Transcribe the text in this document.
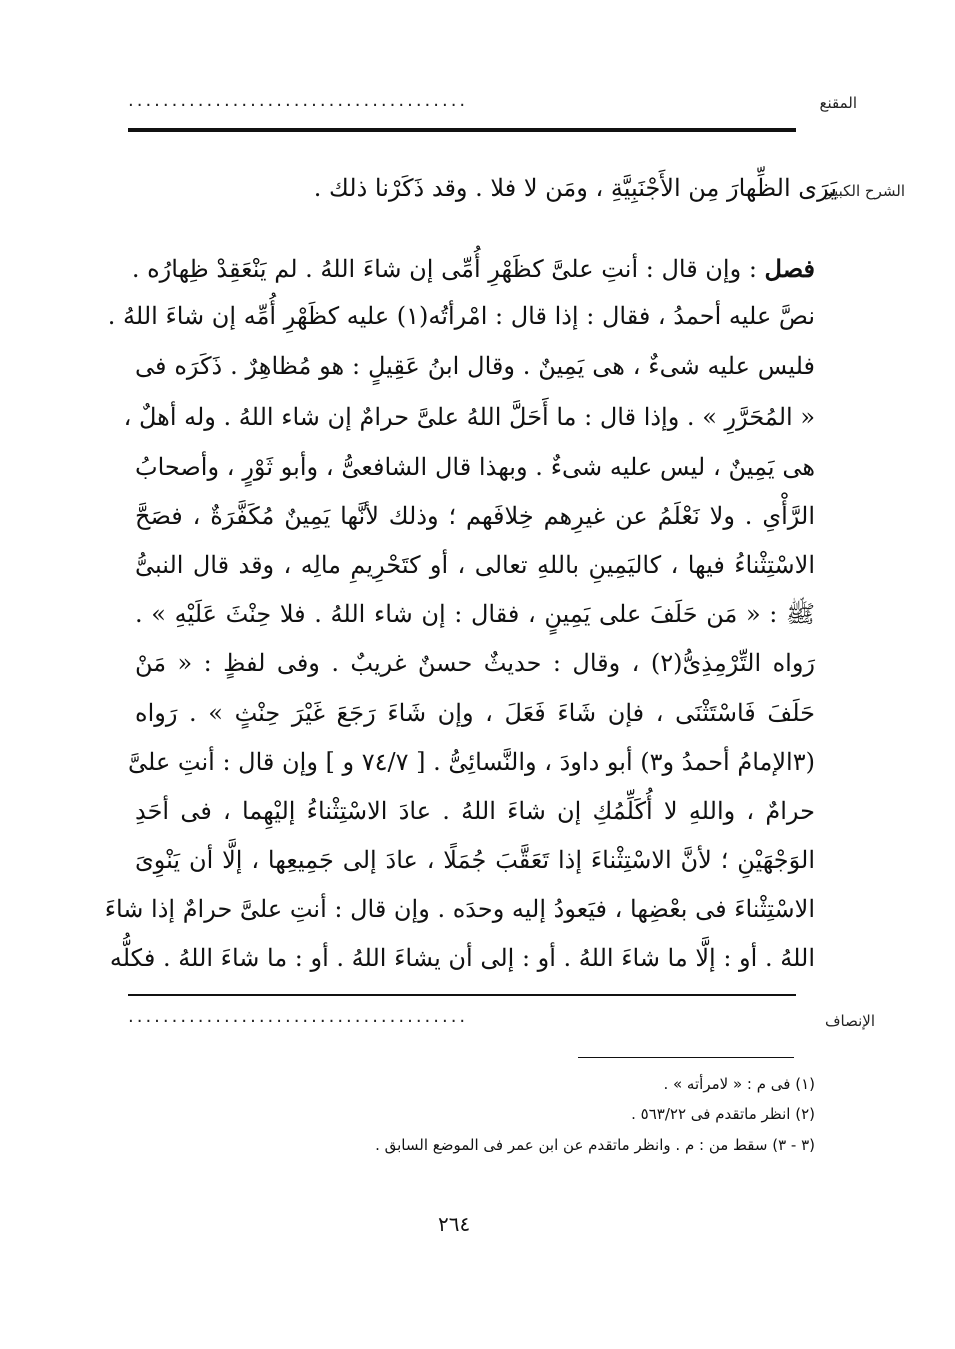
المقنع
.......................................
الشرح الكبير
يَرَى الظِّهارَ مِن الأَجْنَبِيَّةِ ، ومَن لا فلا . وقد ذَكَرْنا ذلك .
فصل : وإن قال : أنتِ علىَّ كظَهْرِ أُمِّى إن شاءَ اللهُ . لم يَنْعَقِدْ ظِهارُه .
نصَّ عليه أحمدُ ، فقال : إذا قال : امْرأتُه(١) عليه كظَهْرِ أُمِّه إن شاءَ اللهُ .
فليس عليه شىءٌ ، هى يَمِينٌ . وقال ابنُ عَقِيلٍ : هو مُظاهِرٌ . ذَكَرَه فى
« المُحَرَّرِ » . وإذا قال : ما أَحَلَّ اللهُ علىَّ حرامٌ إن شاء اللهُ . وله أهلٌ ،
هى يَمِينٌ ، ليس عليه شىءٌ . وبهذا قال الشافعىُّ ، وأبو ثَوْرٍ ، وأصحابُ
الرَّأْىِ . ولا نَعْلَمُ عن غيرِهم خِلافَهم ؛ وذلك لأنَّها يَمِينٌ مُكَفَّرَةٌ ، فصَحَّ
الاسْتِثْناءُ فيها ، كاليَمِينِ باللهِ تعالى ، أو كتَحْرِيمِ مالِه ، وقد قال النبىُّ
ﷺ : « مَن حَلَفَ على يَمِينٍ ، فقال : إن شاء اللهُ . فلا حِنْثَ عَلَيْهِ » .
رَواه التِّرْمِذِىُّ(٢) ، وقال : حديثٌ حسنٌ غريبٌ . وفى لفظٍ : « مَنْ
حَلَفَ فَاسْتَثْنَى ، فإن شَاءَ فَعَلَ ، وإن شَاءَ رَجَعَ غَيْرَ حِنْثٍ » . رَواه
(٣الإمامُ أحمدُ و٣) أبو داودَ ، والنَّسائِىُّ . [ ٧٤/٧ و ] وإن قال : أنتِ علىَّ
حرامٌ ، واللهِ لا أُكَلِّمُكِ إن شاءَ اللهُ . عادَ الاسْتِثْناءُ إليْهِما ، فى أحَدِ
الوَجْهَيْنِ ؛ لأنَّ الاسْتِثْناءَ إذا تَعَقَّبَ جُمَلًا ، عادَ إلى جَمِيعِها ، إلَّا أن يَنْوِىَ
الاسْتِثْناءَ فى بعْضِها ، فيَعودُ إليه وحدَه . وإن قال : أنتِ علىَّ حرامٌ إذا شاءَ
اللهُ . أو : إلَّا ما شاءَ اللهُ . أو : إلى أن يشاءَ اللهُ . أو : ما شاءَ اللهُ . فكلُّه
الإنصاف
.......................................
(١) فى م : « لامرأته » .
(٢) انظر ماتقدم فى ٥٦٣/٢٢ .
(٣ - ٣) سقط من : م . وانظر ماتقدم عن ابن عمر فى الموضع السابق .
٢٦٤
